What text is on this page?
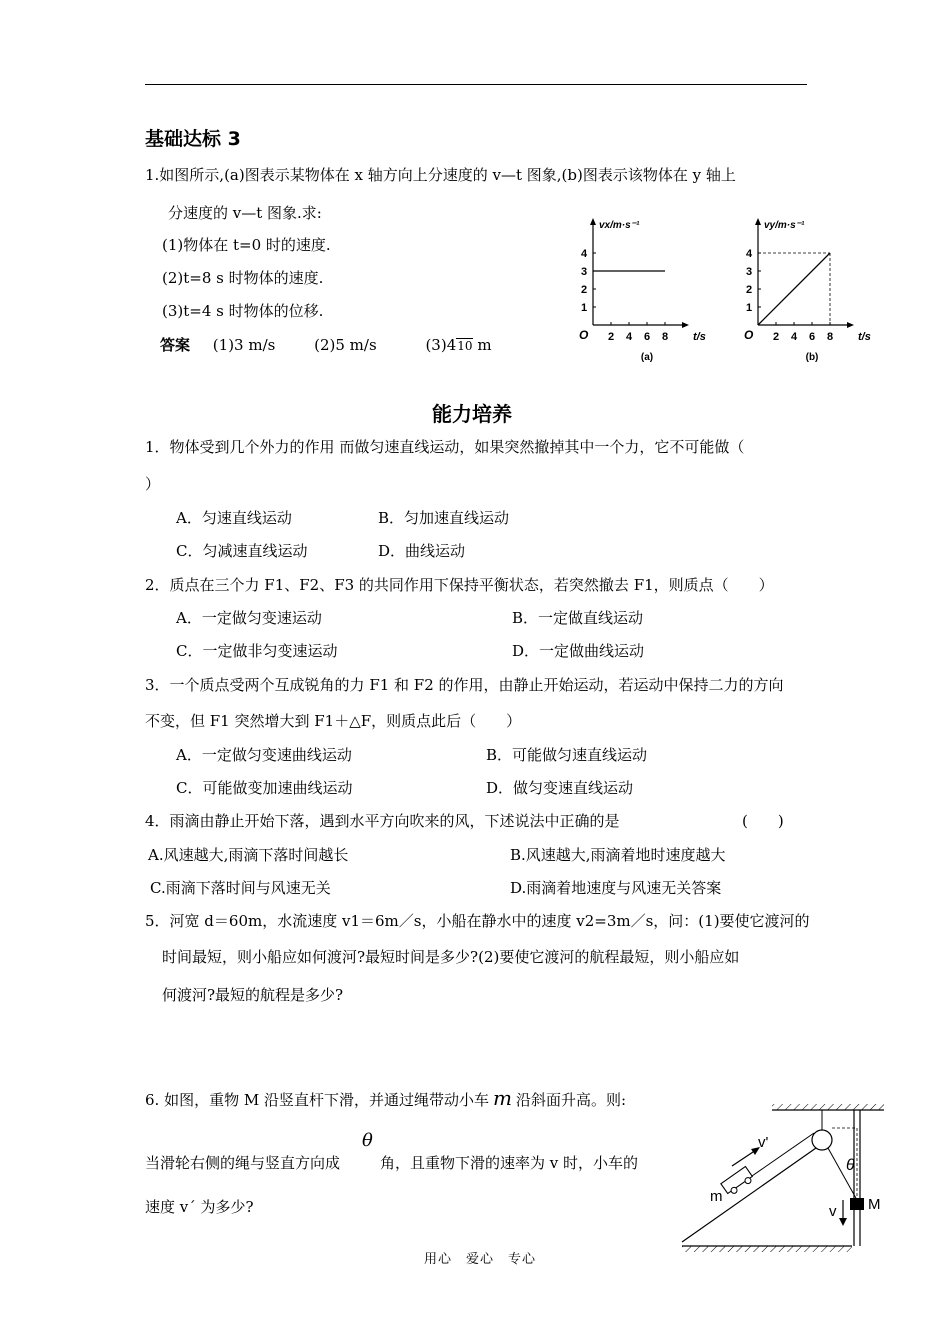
基础达标 3
1.如图所示,(a)图表示某物体在 x 轴方向上分速度的 v—t 图象,(b)图表示该物体在 y 轴上
分速度的 v—t 图象.求:
(1)物体在 t=0 时的速度.
(2)t=8 s 时物体的速度.
(3)t=4 s 时物体的位移.
答案 (1)3 m/s	(2)5 m/s	(3)410 m
vx/m·s⁻¹
t/s
O
(a)
2 4 6 8
1
2
3
4
vy/m·s⁻¹
t/s
O
(b)
2 4 6 8
1
2
3
4
能力培养
1．物体受到几个外力的作用 而做匀速直线运动，如果突然撤掉其中一个力，它不可能做（
）
A．匀速直线运动	B．匀加速直线运动
C．匀减速直线运动	D．曲线运动
2．质点在三个力 F1、F2、F3 的共同作用下保持平衡状态，若突然撤去 F1，则质点（　　）
A．一定做匀变速运动	B．一定做直线运动
C．一定做非匀变速运动	D．一定做曲线运动
3．一个质点受两个互成锐角的力 F1 和 F2 的作用，由静止开始运动，若运动中保持二力的方向
不变，但 F1 突然增大到 F1＋△F，则质点此后（　　）
A．一定做匀变速曲线运动	B．可能做匀速直线运动
C．可能做变加速曲线运动	D．做匀变速直线运动
4．雨滴由静止开始下落，遇到水平方向吹来的风，下述说法中正确的是	(　　)
A.风速越大,雨滴下落时间越长	B.风速越大,雨滴着地时速度越大
C.雨滴下落时间与风速无关	D.雨滴着地速度与风速无关答案
5．河宽 d＝60m，水流速度 v1＝6m／s，小船在静水中的速度 v2=3m／s，问：(1)要使它渡河的
时间最短，则小船应如何渡河?最短时间是多少?(2)要使它渡河的航程最短，则小船应如
何渡河?最短的航程是多少?
6. 如图，重物 M 沿竖直杆下滑，并通过绳带动小车 m 沿斜面升高。则:
θ
当滑轮右侧的绳与竖直方向成	角，且重物下滑的速率为 v 时，小车的
速度 v´ 为多少?
v'
θ
m	M
v
用心　爱心　专心
